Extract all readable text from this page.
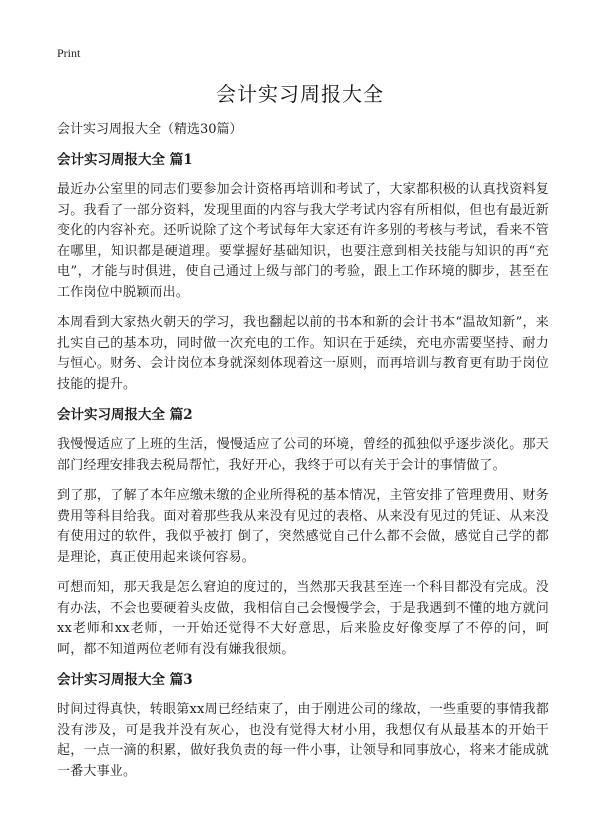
Print
会计实习周报大全

会计实习周报大全（精选30篇）

会计实习周报大全 篇1

最近办公室里的同志们要参加会计资格再培训和考试了，大家都积极的认真找资料复习。我看了一部分资料，发现里面的内容与我大学考试内容有所相似，但也有最近新变化的内容补充。还听说除了这个考试每年大家还有许多别的考核与考试，看来不管在哪里，知识都是硬道理。要掌握好基础知识，也要注意到相关技能与知识的再“充电”，才能与时俱进，使自己通过上级与部门的考验，跟上工作环境的脚步，甚至在工作岗位中脱颖而出。

本周看到大家热火朝天的学习，我也翻起以前的书本和新的会计书本“温故知新”，来扎实自己的基本功，同时做一次充电的工作。知识在于延续，充电亦需要坚持、耐力与恒心。财务、会计岗位本身就深刻体现着这一原则，而再培训与教育更有助于岗位技能的提升。

会计实习周报大全 篇2

我慢慢适应了上班的生活，慢慢适应了公司的环境，曾经的孤独似乎逐步淡化。那天部门经理安排我去税局帮忙，我好开心，我终于可以有关于会计的事情做了。

到了那，了解了本年应缴未缴的企业所得税的基本情况，主管安排了管理费用、财务费用等科目给我。面对着那些我从来没有见过的表格、从来没有见过的凭证、从来没有使用过的软件，我似乎被打 倒了，突然感觉自己什么都不会做，感觉自己学的都是理论，真正使用起来谈何容易。

可想而知，那天我是怎么窘迫的度过的，当然那天我甚至连一个科目都没有完成。没有办法，不会也要硬着头皮做，我相信自己会慢慢学会，于是我遇到不懂的地方就问xx老师和xx老师，一开始还觉得不大好意思，后来脸皮好像变厚了不停的问，呵呵，都不知道两位老师有没有嫌我很烦。

会计实习周报大全 篇3

时间过得真快，转眼第xx周已经结束了，由于刚进公司的缘故，一些重要的事情我都没有涉及，可是我并没有灰心，也没有觉得大材小用，我想仅有从最基本的开始干起，一点一滴的积累，做好我负责的每一件小事，让领导和同事放心，将来才能成就一番大事业。
